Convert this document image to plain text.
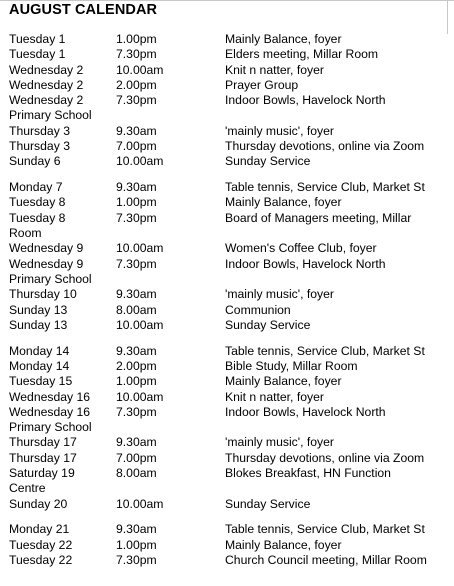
AUGUST CALENDAR
Tuesday 1	1.00pm	Mainly Balance, foyer
Tuesday 1	7.30pm	Elders meeting, Millar Room
Wednesday 2	10.00am	Knit n natter, foyer
Wednesday 2	2.00pm	Prayer Group
Wednesday 2	7.30pm	Indoor Bowls, Havelock North
Primary School
Thursday 3	9.30am	'mainly music', foyer
Thursday 3	7.00pm	Thursday devotions, online via Zoom
Sunday 6	10.00am	Sunday Service
Monday 7	9.30am	Table tennis, Service Club, Market St
Tuesday 8	1.00pm	Mainly Balance, foyer
Tuesday 8	7.30pm	Board of Managers meeting, Millar
Room
Wednesday 9	10.00am	Women's Coffee Club, foyer
Wednesday 9	7.30pm	Indoor Bowls, Havelock North
Primary School
Thursday 10	9.30am	'mainly music', foyer
Sunday 13	8.00am	Communion
Sunday 13	10.00am	Sunday Service
Monday 14	9.30am	Table tennis, Service Club, Market St
Monday 14	2.00pm	Bible Study, Millar Room
Tuesday 15	1.00pm	Mainly Balance, foyer
Wednesday 16 10.00am	Knit n natter, foyer
Wednesday 16 7.30pm	Indoor Bowls, Havelock North
Primary School
Thursday 17	9.30am	'mainly music', foyer
Thursday 17	7.00pm	Thursday devotions, online via Zoom
Saturday 19	8.00am	Blokes Breakfast, HN Function
Centre
Sunday 20	10.00am	Sunday Service
Monday 21	9.30am	Table tennis, Service Club, Market St
Tuesday 22	1.00pm	Mainly Balance, foyer
Tuesday 22	7.30pm	Church Council meeting, Millar Room
